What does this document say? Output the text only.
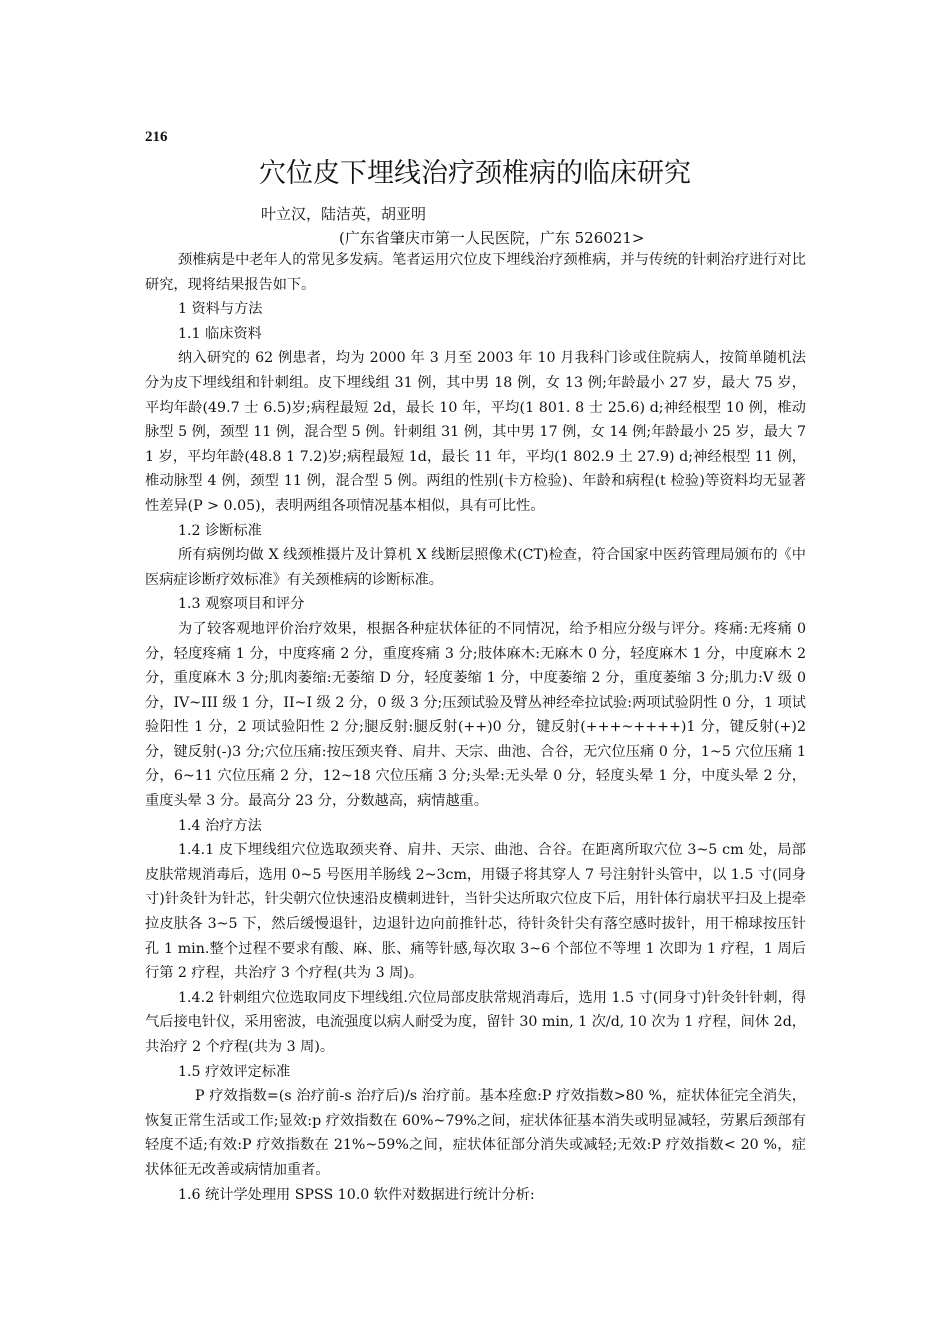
216
穴位皮下埋线治疗颈椎病的临床研究
叶立汉，陆洁英，胡亚明
(广东省肇庆市第一人民医院，广东 526021>

颈椎病是中老年人的常见多发病。笔者运用穴位皮下埋线治疗颈椎病，并与传统的针刺治疗进行对比研究，现将结果报告如下。

1 资料与方法

1.1 临床资料

纳入研究的 62 例患者，均为 2000 年 3 月至 2003 年 10 月我科门诊或住院病人，按简单随机法分为皮下埋线组和针刺组。皮下埋线组 31 例，其中男 18 例，女 13 例;年龄最小 27 岁，最大 75 岁，平均年龄(49.7 士 6.5)岁;病程最短 2d，最长 10 年，平均(1 801. 8 士 25.6) d;神经根型 10 例，椎动脉型 5 例，颈型 11 例，混合型 5 例。针刺组 31 例，其中男 17 例，女 14 例;年龄最小 25 岁，最大 71 岁，平均年龄(48.8 1 7.2)岁;病程最短 1d，最长 11 年，平均(1 802.9 土 27.9) d;神经根型 11 例，椎动脉型 4 例，颈型 11 例，混合型 5 例。两组的性别(卡方检验)、年龄和病程(t 检验)等资料均无显著性差异(P > 0.05)，表明两组各项情况基本相似，具有可比性。

1.2 诊断标准

所有病例均做 X 线颈椎摄片及计算机 X 线断层照像术(CT)检查，符合国家中医药管理局颁布的《中医病症诊断疗效标准》有关颈椎病的诊断标准。

1.3 观察项目和评分

为了较客观地评价治疗效果，根据各种症状体征的不同情况，给予相应分级与评分。疼痛:无疼痛 0 分，轻度疼痛 1 分，中度疼痛 2 分，重度疼痛 3 分;肢体麻木:无麻木 0 分，轻度麻木 1 分，中度麻木 2 分，重度麻木 3 分;肌肉萎缩:无萎缩 D 分，轻度萎缩 1 分，中度萎缩 2 分，重度萎缩 3 分;肌力:V 级 0 分，IV~III 级 1 分，II~I 级 2 分，0 级 3 分;压颈试验及臂丛神经牵拉试验:两项试验阴性 0 分，1 项试验阳性 1 分，2 项试验阳性 2 分;腿反射:腿反射(++)0 分，键反射(+++~++++)1 分，键反射(+)2 分，键反射(-)3 分;穴位压痛:按压颈夹脊、肩井、天宗、曲池、合谷，无穴位压痛 0 分，1~5 穴位压痛 1 分，6~11 穴位压痛 2 分，12~18 穴位压痛 3 分;头晕:无头晕 0 分，轻度头晕 1 分，中度头晕 2 分，重度头晕 3 分。最高分 23 分，分数越高，病情越重。

1.4 治疗方法

1.4.1 皮下埋线组穴位选取颈夹脊、肩井、天宗、曲池、合谷。在距离所取穴位 3~5 cm 处，局部皮肤常规消毒后，选用 0~5 号医用羊肠线 2~3cm，用镊子将其穿人 7 号注射针头管中，以 1.5 寸(同身寸)针灸针为针芯，针尖朝穴位快速沿皮横刺进针，当针尖达所取穴位皮下后，用针体行扇状平扫及上提牵拉皮肤各 3~5 下，然后缓慢退针，边退针边向前推针芯，待针灸针尖有落空感时拔针，用干棉球按压针孔 1 min.整个过程不要求有酸、麻、胀、痛等针感,每次取 3~6 个部位不等埋 1 次即为 1 疗程，1 周后行第 2 疗程，共治疗 3 个疗程(共为 3 周)。

1.4.2 针刺组穴位选取同皮下埋线组.穴位局部皮肤常规消毒后，选用 1.5 寸(同身寸)针灸针针刺，得气后接电针仪，采用密波，电流强度以病人耐受为度，留针 30 min, 1 次/d, 10 次为 1 疗程，间休 2d，共治疗 2 个疗程(共为 3 周)。

1.5 疗效评定标准

P 疗效指数=(s 治疗前-s 治疗后)/s 治疗前。基本痊愈:P 疗效指数>80 %，症状体征完全消失，恢复正常生活或工作;显效:p 疗效指数在 60%~79%之间，症状体征基本消失或明显减轻，劳累后颈部有轻度不适;有效:P 疗效指数在 21%~59%之间，症状体征部分消失或减轻;无效:P 疗效指数< 20 %，症状体征无改善或病情加重者。

1.6 统计学处理用 SPSS 10.0 软件对数据进行统计分析:
